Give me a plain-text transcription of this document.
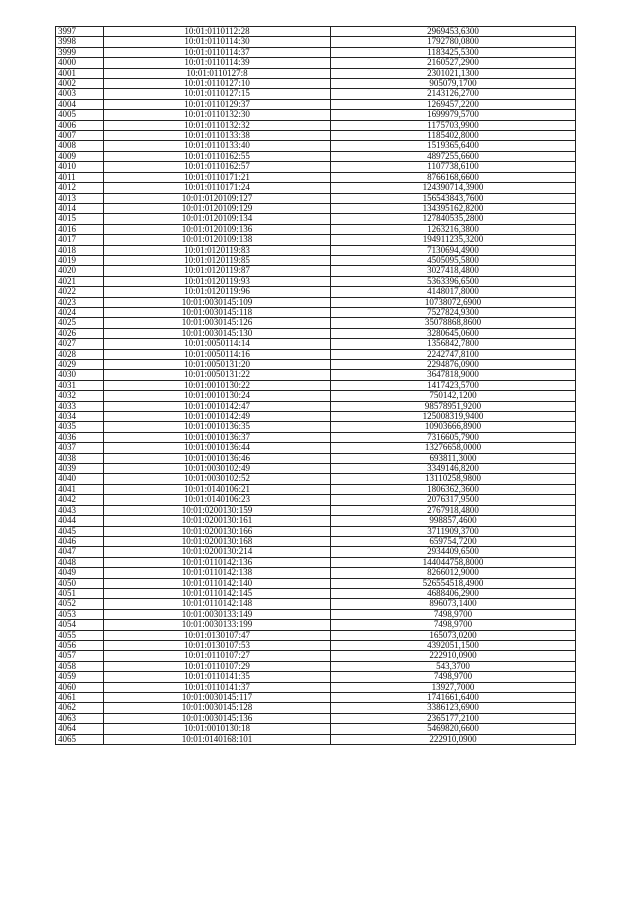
3997	10:01:0110112:28	2969453,6300
3998	10:01:0110114:30	1792780,0800
3999	10:01:0110114:37	1183425,5300
4000	10:01:0110114:39	2160527,2900
4001	10:01:0110127:8	2301021,1300
4002	10:01:0110127:10	905079,1700
4003	10:01:0110127:15	2143126,2700
4004	10:01:0110129:37	1269457,2200
4005	10:01:0110132:30	1699979,5700
4006	10:01:0110132:32	1175703,9900
4007	10:01:0110133:38	1185402,8000
4008	10:01:0110133:40	1519365,6400
4009	10:01:0110162:55	4897255,6600
4010	10:01:0110162:57	1107738,6100
4011	10:01:0110171:21	8766168,6600
4012	10:01:0110171:24	124390714,3900
4013	10:01:0120109:127	156543843,7600
4014	10:01:0120109:129	134395162,8200
4015	10:01:0120109:134	127840535,2800
4016	10:01:0120109:136	1263216,3800
4017	10:01:0120109:138	194911235,3200
4018	10:01:0120119:83	7130694,4900
4019	10:01:0120119:85	4505095,5800
4020	10:01:0120119:87	3027418,4800
4021	10:01:0120119:93	5363396,6500
4022	10:01:0120119:96	4148017,8000
4023	10:01:0030145:109	10738072,6900
4024	10:01:0030145:118	7527824,9300
4025	10:01:0030145:126	35078868,8600
4026	10:01:0030145:130	3280645,0600
4027	10:01:0050114:14	1356842,7800
4028	10:01:0050114:16	2242747,8100
4029	10:01:0050131:20	2294876,0900
4030	10:01:0050131:22	3647818,9000
4031	10:01:0010130:22	1417423,5700
4032	10:01:0010130:24	750142,1200
4033	10:01:0010142:47	98578951,9200
4034	10:01:0010142:49	125008319,9400
4035	10:01:0010136:35	10903666,8900
4036	10:01:0010136:37	7316605,7900
4037	10:01:0010136:44	13276658,0000
4038	10:01:0010136:46	693811,3000
4039	10:01:0030102:49	3349146,8200
4040	10:01:0030102:52	13110258,9800
4041	10:01:0140106:21	1806362,3600
4042	10:01:0140106:23	2076317,9500
4043	10:01:0200130:159	2767918,4800
4044	10:01:0200130:161	998857,4600
4045	10:01:0200130:166	3711909,3700
4046	10:01:0200130:168	659754,7200
4047	10:01:0200130:214	2934409,6500
4048	10:01:0110142:136	144044758,8000
4049	10:01:0110142:138	8266012,9000
4050	10:01:0110142:140	526554518,4900
4051	10:01:0110142:145	4688406,2900
4052	10:01:0110142:148	896073,1400
4053	10:01:0030133:149	7498,9700
4054	10:01:0030133:199	7498,9700
4055	10:01:0130107:47	165073,0200
4056	10:01:0130107:53	4392051,1500
4057	10:01:0110107:27	222910,0900
4058	10:01:0110107:29	543,3700
4059	10:01:0110141:35	7498,9700
4060	10:01:0110141:37	13927,7000
4061	10:01:0030145:117	1741661,6400
4062	10:01:0030145:128	3386123,6900
4063	10:01:0030145:136	2365177,2100
4064	10:01:0010130:18	5469820,6600
4065	10:01:0140168:101	222910,0900
